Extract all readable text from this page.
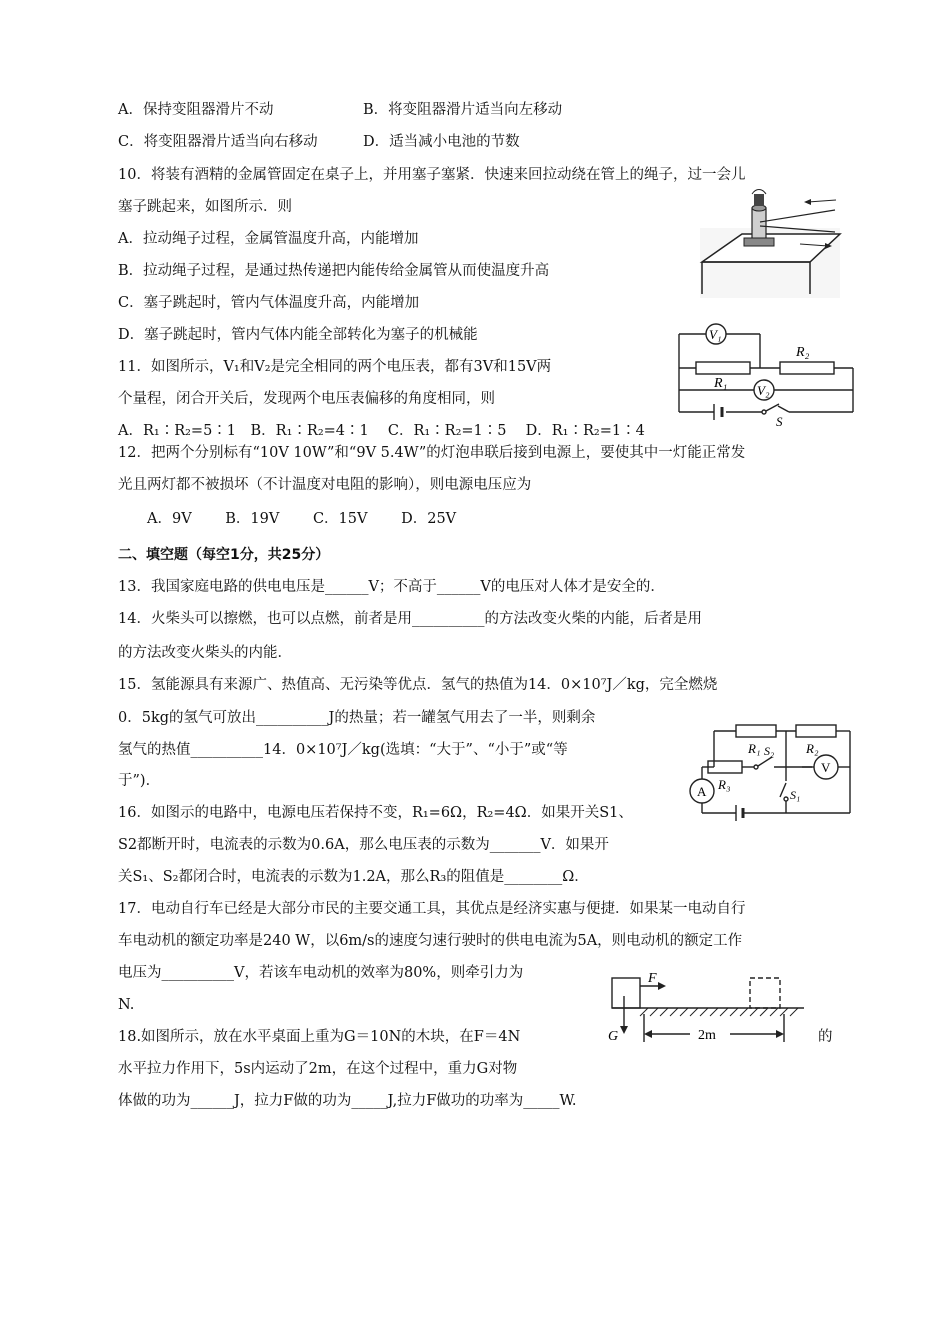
A．保持变阻器滑片不动	B．将变阻器滑片适当向左移动
C．将变阻器滑片适当向右移动	D．适当减小电池的节数
10．将装有酒精的金属管固定在桌子上，并用塞子塞紧．快速来回拉动绕在管上的绳子，过一会儿
塞子跳起来，如图所示．则
A．拉动绳子过程，金属管温度升高，内能增加
B．拉动绳子过程，是通过热传递把内能传给金属管从而使温度升高
C．塞子跳起时，管内气体温度升高，内能增加
D．塞子跳起时，管内气体内能全部转化为塞子的机械能
11．如图所示，V₁和V₂是完全相同的两个电压表，都有3V和15V两
个量程，闭合开关后，发现两个电压表偏移的角度相同，则
A．R₁∶R₂=5∶1　B．R₁∶R₂=4∶1　 C．R₁∶R₂=1∶5　 D．R₁∶R₂=1∶4
V₁
V₂
R₁
R₂
S
12．把两个分别标有“10V 10W”和“9V 5.4W”的灯泡串联后接到电源上，要使其中一灯能正常发
光且两灯都不被损坏（不计温度对电阻的影响），则电源电压应为
A．9V　　 B．19V　　 C．15V　　 D．25V
二、填空题（每空1分，共25分）
13．我国家庭电路的供电电压是______V；不高于______V的电压对人体才是安全的．
14．火柴头可以擦燃，也可以点燃，前者是用__________的方法改变火柴的内能，后者是用
的方法改变火柴头的内能．
15．氢能源具有来源广、热值高、无污染等优点．氢气的热值为14．0×10⁷J／kg，完全燃烧
0．5kg的氢气可放出__________J的热量；若一罐氢气用去了一半，则剩余
氢气的热值__________14．0×10⁷J／kg(选填：“大于”、“小于”或“等
于”)．
R₁	R₂
R₃
S₂
S₁
A
V
16．如图示的电路中，电源电压若保持不变，R₁=6Ω，R₂=4Ω．如果开关S1、
S2都断开时，电流表的示数为0.6A，那么电压表的示数为_______V．如果开
关S₁、S₂都闭合时，电流表的示数为1.2A，那么R₃的阻值是________Ω．
17．电动自行车已经是大部分市民的主要交通工具，其优点是经济实惠与便捷．如果某一电动自行
车电动机的额定功率是240 W，以6m/s的速度匀速行驶时的供电电流为5A，则电动机的额定工作
电压为__________V，若该车电动机的效率为80%，则牵引力为
N.
F
G	2m
18.如图所示，放在水平桌面上重为G＝10N的木块，在F＝4N	的
水平拉力作用下，5s内运动了2m，在这个过程中，重力G对物
体做的功为______J，拉力F做的功为_____J,拉力F做功的功率为_____W.
